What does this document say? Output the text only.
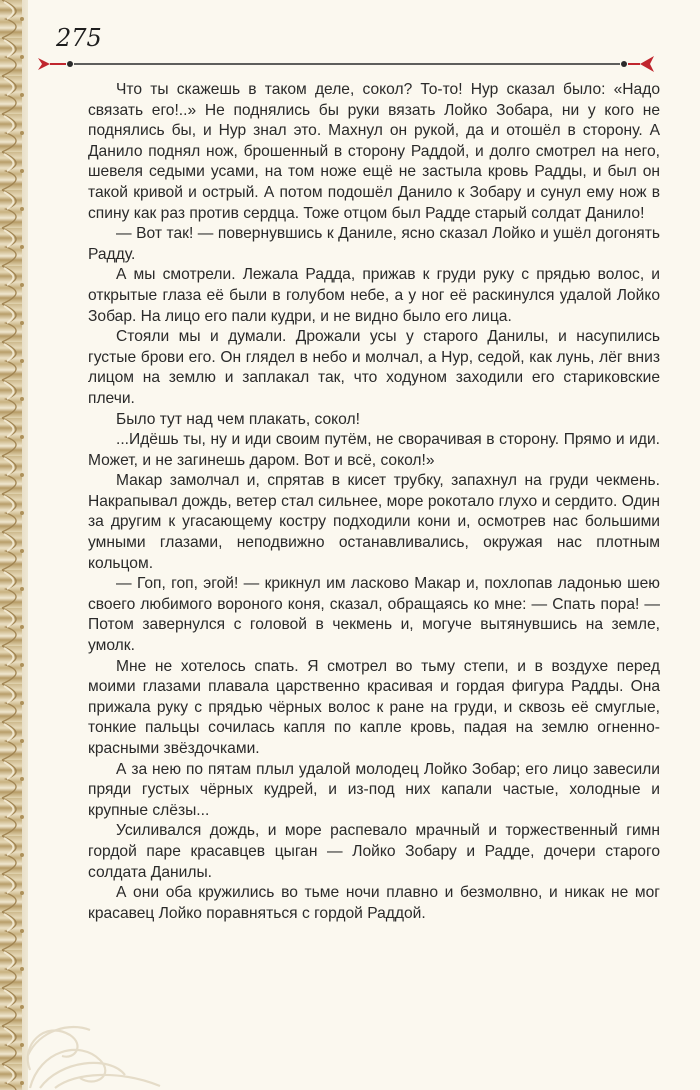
275

Что ты скажешь в таком деле, сокол? То-то! Нур сказал было: «Надо связать его!..» Не поднялись бы руки вязать Лойко Зобара, ни у кого не поднялись бы, и Нур знал это. Махнул он рукой, да и отошёл в сторону. А Данило поднял нож, брошенный в сторону Раддой, и долго смотрел на него, шевеля седыми усами, на том ноже ещё не застыла кровь Радды, и был он такой кривой и острый. А потом подошёл Данило к Зобару и сунул ему нож в спину как раз против сердца. Тоже отцом был Радде старый солдат Данило!

— Вот так! — повернувшись к Даниле, ясно сказал Лойко и ушёл догонять Радду.

А мы смотрели. Лежала Радда, прижав к груди руку с прядью волос, и открытые глаза её были в голубом небе, а у ног её раскинулся удалой Лойко Зобар. На лицо его пали кудри, и не видно было его лица.

Стояли мы и думали. Дрожали усы у старого Данилы, и насупились густые брови его. Он глядел в небо и молчал, а Нур, седой, как лунь, лёг вниз лицом на землю и заплакал так, что ходуном заходили его стариковские плечи.

Было тут над чем плакать, сокол!

...Идёшь ты, ну и иди своим путём, не сворачивая в сторону. Прямо и иди. Может, и не загинешь даром. Вот и всё, сокол!»

Макар замолчал и, спрятав в кисет трубку, запахнул на груди чекмень. Накрапывал дождь, ветер стал сильнее, море рокотало глухо и сердито. Один за другим к угасающему костру подходили кони и, осмотрев нас большими умными глазами, неподвижно останавливались, окружая нас плотным кольцом.

— Гоп, гоп, эгой! — крикнул им ласково Макар и, похлопав ладонью шею своего любимого вороного коня, сказал, обращаясь ко мне: — Спать пора! — Потом завернулся с головой в чекмень и, могуче вытянувшись на земле, умолк.

Мне не хотелось спать. Я смотрел во тьму степи, и в воздухе перед моими глазами плавала царственно красивая и гордая фигура Радды. Она прижала руку с прядью чёрных волос к ране на груди, и сквозь её смуглые, тонкие пальцы сочилась капля по капле кровь, падая на землю огненно-красными звёздочками.

А за нею по пятам плыл удалой молодец Лойко Зобар; его лицо завесили пряди густых чёрных кудрей, и из-под них капали частые, холодные и крупные слёзы...

Усиливался дождь, и море распевало мрачный и торжественный гимн гордой паре красавцев цыган — Лойко Зобару и Радде, дочери старого солдата Данилы.

А они оба кружились во тьме ночи плавно и безмолвно, и никак не мог красавец Лойко поравняться с гордой Раддой.
